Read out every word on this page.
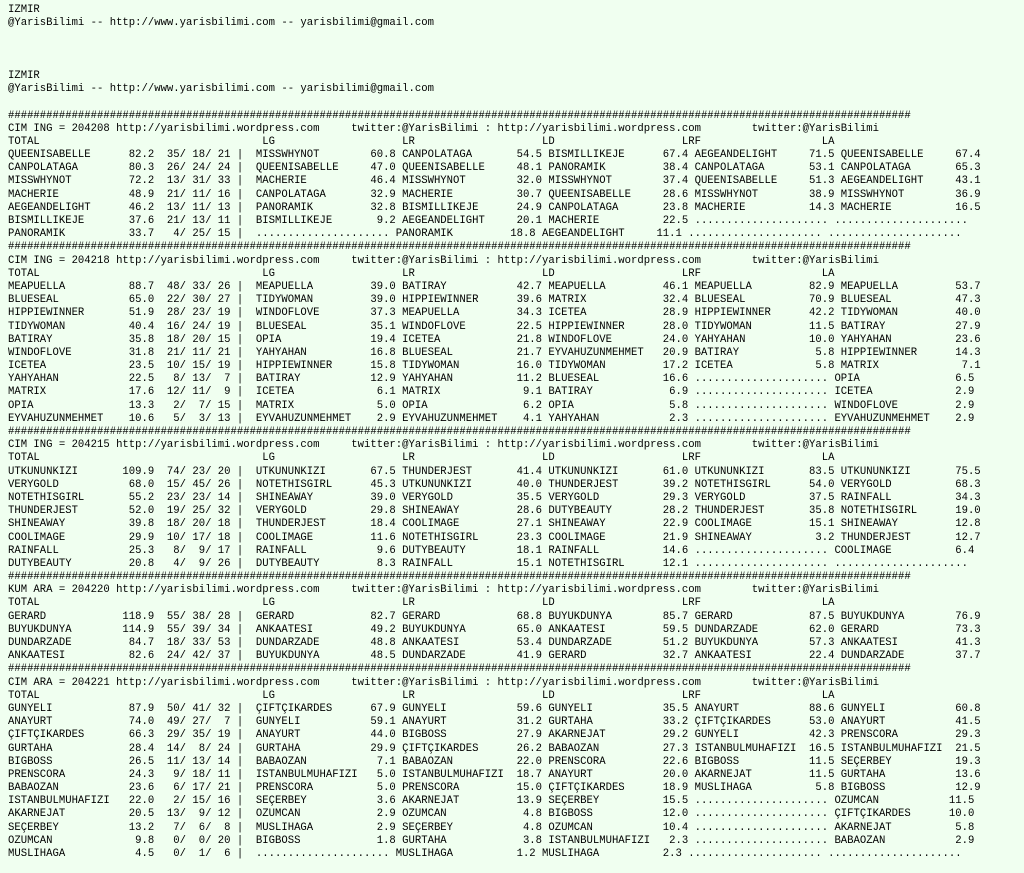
IZMIR
@YarisBilimi -- http://www.yarisbilimi.com -- yarisbilimi@gmail.com

IZMIR
@YarisBilimi -- http://www.yarisbilimi.com -- yarisbilimi@gmail.com

##############################################################################################################################################
CIM ING = 204208 http://yarisbilimi.wordpress.com     twitter:@YarisBilimi : http://yarisbilimi.wordpress.com        twitter:@YarisBilimi
TOTAL                                   LG                    LR                    LD                    LRF                   LA
QUEENISABELLE      82.2  35/ 18/ 21 |  MISSWHYNOT        60.8 CANPOLATAGA       54.5 BISMILLIKEJE      67.4 AEGEANDELIGHT     71.5 QUEENISABELLE     67.4
CANPOLATAGA        80.3  26/ 24/ 24 |  QUEENISABELLE     47.0 QUEENISABELLE     48.1 PANORAMIK         38.4 CANPOLATAGA       53.1 CANPOLATAGA       65.3
MISSWHYNOT         72.2  13/ 31/ 33 |  MACHERIE          46.4 MISSWHYNOT        32.0 MISSWHYNOT        37.4 QUEENISABELLE     51.3 AEGEANDELIGHT     43.1
MACHERIE           48.9  21/ 11/ 16 |  CANPOLATAGA       32.9 MACHERIE          30.7 QUEENISABELLE     28.6 MISSWHYNOT        38.9 MISSWHYNOT        36.9
AEGEANDELIGHT      46.2  13/ 11/ 13 |  PANORAMIK         32.8 BISMILLIKEJE      24.9 CANPOLATAGA       23.8 MACHERIE          14.3 MACHERIE          16.5
BISMILLIKEJE       37.6  21/ 13/ 11 |  BISMILLIKEJE       9.2 AEGEANDELIGHT     20.1 MACHERIE          22.5 ..................... .....................
PANORAMIK          33.7   4/ 25/ 15 |  ..................... PANORAMIK         18.8 AEGEANDELIGHT     11.1 ..................... .....................
##############################################################################################################################################
CIM ING = 204218 http://yarisbilimi.wordpress.com     twitter:@YarisBilimi : http://yarisbilimi.wordpress.com        twitter:@YarisBilimi
TOTAL                                   LG                    LR                    LD                    LRF                   LA
MEAPUELLA          88.7  48/ 33/ 26 |  MEAPUELLA         39.0 BATIRAY           42.7 MEAPUELLA         46.1 MEAPUELLA         82.9 MEAPUELLA         53.7
BLUESEAL           65.0  22/ 30/ 27 |  TIDYWOMAN         39.0 HIPPIEWINNER      39.6 MATRIX            32.4 BLUESEAL          70.9 BLUESEAL          47.3
HIPPIEWINNER       51.9  28/ 23/ 19 |  WINDOFLOVE        37.3 MEAPUELLA         34.3 ICETEA            28.9 HIPPIEWINNER      42.2 TIDYWOMAN         40.0
TIDYWOMAN          40.4  16/ 24/ 19 |  BLUESEAL          35.1 WINDOFLOVE        22.5 HIPPIEWINNER      28.0 TIDYWOMAN         11.5 BATIRAY           27.9
BATIRAY            35.8  18/ 20/ 15 |  OPIA              19.4 ICETEA            21.8 WINDOFLOVE        24.0 YAHYAHAN          10.0 YAHYAHAN          23.6
WINDOFLOVE         31.8  21/ 11/ 21 |  YAHYAHAN          16.8 BLUESEAL          21.7 EYVAHUZUNMEHMET   20.9 BATIRAY            5.8 HIPPIEWINNER      14.3
ICETEA             23.5  10/ 15/ 19 |  HIPPIEWINNER      15.8 TIDYWOMAN         16.0 TIDYWOMAN         17.2 ICETEA             5.8 MATRIX             7.1
YAHYAHAN           22.5   8/ 13/  7 |  BATIRAY           12.9 YAHYAHAN          11.2 BLUESEAL          16.6 ..................... OPIA               6.5
MATRIX             17.6  12/ 11/  9 |  ICETEA             6.1 MATRIX             9.1 BATIRAY            6.9 ..................... ICETEA             2.9
OPIA               13.3   2/  7/ 15 |  MATRIX             5.0 OPIA               6.2 OPIA               5.8 ..................... WINDOFLOVE         2.9
EYVAHUZUNMEHMET    10.6   5/  3/ 13 |  EYVAHUZUNMEHMET    2.9 EYVAHUZUNMEHMET    4.1 YAHYAHAN           2.3 ..................... EYVAHUZUNMEHMET    2.9
##############################################################################################################################################
CIM ING = 204215 http://yarisbilimi.wordpress.com     twitter:@YarisBilimi : http://yarisbilimi.wordpress.com        twitter:@YarisBilimi
TOTAL                                   LG                    LR                    LD                    LRF                   LA
UTKUNUNKIZI       109.9  74/ 23/ 20 |  UTKUNUNKIZI       67.5 THUNDERJEST       41.4 UTKUNUNKIZI       61.0 UTKUNUNKIZI       83.5 UTKUNUNKIZI       75.5
VERYGOLD           68.0  15/ 45/ 26 |  NOTETHISGIRL      45.3 UTKUNUNKIZI       40.0 THUNDERJEST       39.2 NOTETHISGIRL      54.0 VERYGOLD          68.3
NOTETHISGIRL       55.2  23/ 23/ 14 |  SHINEAWAY         39.0 VERYGOLD          35.5 VERYGOLD          29.3 VERYGOLD          37.5 RAINFALL          34.3
THUNDERJEST        52.0  19/ 25/ 32 |  VERYGOLD          29.8 SHINEAWAY         28.6 DUTYBEAUTY        28.2 THUNDERJEST       35.8 NOTETHISGIRL      19.0
SHINEAWAY          39.8  18/ 20/ 18 |  THUNDERJEST       18.4 COOLIMAGE         27.1 SHINEAWAY         22.9 COOLIMAGE         15.1 SHINEAWAY         12.8
COOLIMAGE          29.9  10/ 17/ 18 |  COOLIMAGE         11.6 NOTETHISGIRL      23.3 COOLIMAGE         21.9 SHINEAWAY          3.2 THUNDERJEST       12.7
RAINFALL           25.3   8/  9/ 17 |  RAINFALL           9.6 DUTYBEAUTY        18.1 RAINFALL          14.6 ..................... COOLIMAGE          6.4
DUTYBEAUTY         20.8   4/  9/ 26 |  DUTYBEAUTY         8.3 RAINFALL          15.1 NOTETHISGIRL      12.1 ..................... .....................
##############################################################################################################################################
KUM ARA = 204220 http://yarisbilimi.wordpress.com     twitter:@YarisBilimi : http://yarisbilimi.wordpress.com        twitter:@YarisBilimi
TOTAL                                   LG                    LR                    LD                    LRF                   LA
GERARD            118.9  55/ 38/ 28 |  GERARD            82.7 GERARD            68.8 BÜYÜKDÜNYA        85.7 GERARD            87.5 BÜYÜKDÜNYA        76.9
BÜYÜKDÜNYA        114.9  55/ 39/ 34 |  ANKAATESI         49.2 BÜYÜKDÜNYA        65.0 ANKAATESI         59.5 DÜNDARZADE        62.0 GERARD            73.3
DÜNDARZADE         84.7  18/ 33/ 53 |  DÜNDARZADE        48.8 ANKAATESI         53.4 DÜNDARZADE        51.2 BÜYÜKDÜNYA        57.3 ANKAATESI         41.3
ANKAATESI          82.6  24/ 42/ 37 |  BÜYÜKDÜNYA        48.5 DÜNDARZADE        41.9 GERARD            32.7 ANKAATESI         22.4 DÜNDARZADE        37.7
##############################################################################################################################################
CIM ARA = 204221 http://yarisbilimi.wordpress.com     twitter:@YarisBilimi : http://yarisbilimi.wordpress.com        twitter:@YarisBilimi
TOTAL                                   LG                    LR                    LD                    LRF                   LA
GÜNYELI            87.9  50/ 41/ 32 |  ÇIFTÇIKARDES      67.9 GÜNYELI           59.6 GÜNYELI           35.5 ANAYURT           88.6 GÜNYELI           60.8
ANAYURT            74.0  49/ 27/  7 |  GÜNYELI           59.1 ANAYURT           31.2 GÜRTAHA           33.2 ÇIFTÇIKARDES      53.0 ANAYURT           41.5
ÇIFTÇIKARDES       66.3  29/ 35/ 19 |  ANAYURT           44.0 BIGBOSS           27.9 AKARNEJAT         29.2 GÜNYELI           42.3 PRENSCORA         29.3
GÜRTAHA            28.4  14/  8/ 24 |  GÜRTAHA           29.9 ÇIFTÇIKARDES      26.2 BABAOZAN          27.3 ISTANBULMUHAFIZI  16.5 ISTANBULMUHAFIZI  21.5
BIGBOSS            26.5  11/ 13/ 14 |  BABAOZAN           7.1 BABAOZAN          22.0 PRENSCORA         22.6 BIGBOSS           11.5 SEÇERBEY          19.3
PRENSCORA          24.3   9/ 18/ 11 |  ISTANBULMUHAFIZI   5.0 ISTANBULMUHAFIZI  18.7 ANAYURT           20.0 AKARNEJAT         11.5 GÜRTAHA           13.6
BABAOZAN           23.6   6/ 17/ 21 |  PRENSCORA          5.0 PRENSCORA         15.0 ÇIFTÇIKARDES      18.9 MUSLIHAGA          5.8 BIGBOSS           12.9
ISTANBULMUHAFIZI   22.0   2/ 15/ 16 |  SEÇERBEY           3.6 AKARNEJAT         13.9 SEÇERBEY          15.5 ..................... ÖZÜMCAN           11.5
AKARNEJAT          20.5  13/  9/ 12 |  ÖZÜMCAN            2.9 ÖZÜMCAN            4.8 BIGBOSS           12.0 ..................... ÇIFTÇIKARDES      10.0
SEÇERBEY           13.2   7/  6/  8 |  MUSLIHAGA          2.9 SEÇERBEY           4.8 ÖZÜMCAN           10.4 ..................... AKARNEJAT          5.8
ÖZÜMCAN             9.8   0/  0/ 20 |  BIGBOSS            1.8 GÜRTAHA            3.8 ISTANBULMUHAFIZI   2.3 ..................... BABAOZAN           2.9
MUSLIHAGA           4.5   0/  1/  6 |  ..................... MUSLIHAGA          1.2 MUSLIHAGA          2.3 ..................... .....................
